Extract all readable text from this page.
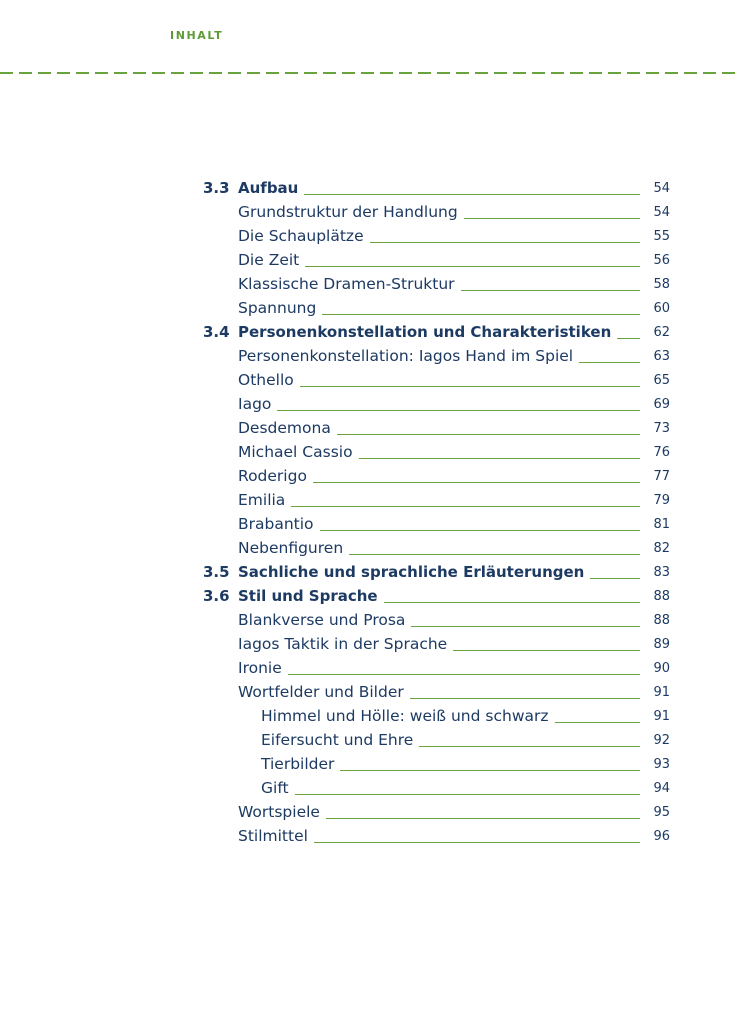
INHALT
3.3 Aufbau	54
Grundstruktur der Handlung	54
Die Schauplätze	55
Die Zeit	56
Klassische Dramen-Struktur	58
Spannung	60
3.4 Personenkonstellation und Charakteristiken	62
Personenkonstellation: Iagos Hand im Spiel	63
Othello	65
Iago	69
Desdemona	73
Michael Cassio	76
Roderigo	77
Emilia	79
Brabantio	81
Nebenfiguren	82
3.5 Sachliche und sprachliche Erläuterungen	83
3.6 Stil und Sprache	88
Blankverse und Prosa	88
Iagos Taktik in der Sprache	89
Ironie	90
Wortfelder und Bilder	91
Himmel und Hölle: weiß und schwarz	91
Eifersucht und Ehre	92
Tierbilder	93
Gift	94
Wortspiele	95
Stilmittel	96
